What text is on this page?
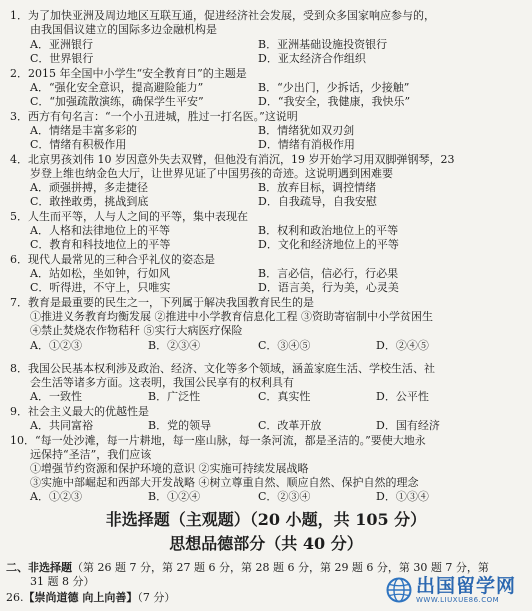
1．为了加快亚洲及周边地区互联互通，促进经济社会发展，受到众多国家响应参与的，
由我国倡议建立的国际多边金融机构是
A．亚洲银行	B．亚洲基础设施投资银行
C．世界银行	D．亚太经济合作组织
2．2015 年全国中小学生“安全教育日”的主题是
A．“强化安全意识，提高避险能力”	B．“少出门，少拆话，少接触”
C．“加强疏散演练，确保学生平安”	D．“我安全，我健康，我快乐”
3．西方有句名言：“一个小丑进城，胜过一打名医。”这说明
A．情绪是丰富多彩的	B．情绪犹如双刃剑
C．情绪有积极作用	D．情绪有消极作用
4．北京男孩刘伟 10 岁因意外失去双臂，但他没有消沉，19 岁开始学习用双脚弹钢琴，23
岁登上维也纳金色大厅，让世界见证了中国男孩的奇迹。这说明遇到困难要
A．顽强拼搏，多走捷径	B．放弃目标，调控情绪
C．敢挫敢勇，挑战到底	D．自我疏导，自我安慰
5．人生而平等，人与人之间的平等，集中表现在
A．人格和法律地位上的平等	B．权利和政治地位上的平等
C．教育和科技地位上的平等	D．文化和经济地位上的平等
6．现代人最常见的三种合乎礼仪的姿态是
A．站如松，坐如钟，行如风	B．言必信，信必行，行必果
C．听得进，不守上，只唯实	D．语言美，行为美，心灵美
7．教育是最重要的民生之一，下列属于解决我国教育民生的是
①推进义务教育均衡发展 ②推进中小学教育信息化工程 ③资助寄宿制中小学贫困生
④禁止焚烧农作物秸秆 ⑤实行大病医疗保险
A．①②③	B．②③④	C．③④⑤	D．②④⑤
8．我国公民基本权利涉及政治、经济、文化等多个领域，涵盖家庭生活、学校生活、社
会生活等诸多方面。这表明，我国公民享有的权利具有
A．一致性	B．广泛性	C．真实性	D．公平性
9．社会主义最大的优越性是
A．共同富裕	B．党的领导	C．改革开放	D．国有经济
10．“每一处沙滩，每一片耕地，每一座山脉，每一条河流，都是圣洁的。”要使大地永
远保持“圣洁”，我们应该
①增强节约资源和保护环境的意识 ②实施可持续发展战略
③实施中部崛起和西部大开发战略 ④树立尊重自然、顺应自然、保护自然的理念
A．①②③	B．①②④	C．②③④	D．①③④
非选择题（主观题）（20 小题，共 105 分）
思想品德部分（共 40 分）
二、非选择题（第 26 题 7 分，第 27 题 6 分，第 28 题 6 分，第 29 题 6 分，第 30 题 7 分，第
31 题 8 分）
26.【崇尚道德 向上向善】（7 分）
出国留学网
WWW.LIUXUE86.COM
